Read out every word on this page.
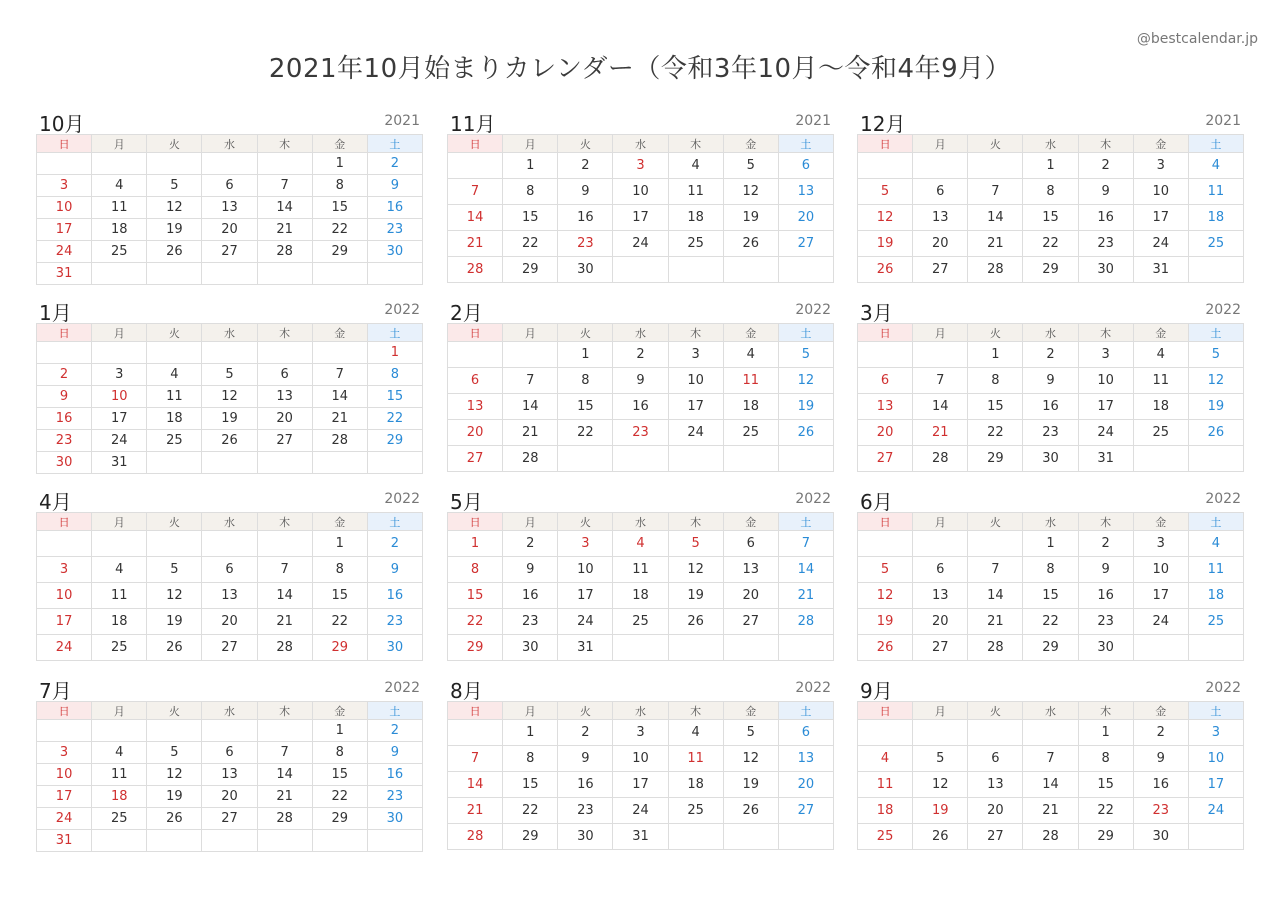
@bestcalendar.jp
2021年10月始まりカレンダー（令和3年10月〜令和4年9月）
10月	2021
日	月	火	水	木	金	土
					1	2
3	4	5	6	7	8	9
10	11	12	13	14	15	16
17	18	19	20	21	22	23
24	25	26	27	28	29	30
31						
11月	2021
日	月	火	水	木	金	土
	1	2	3	4	5	6
7	8	9	10	11	12	13
14	15	16	17	18	19	20
21	22	23	24	25	26	27
28	29	30				
12月	2021
日	月	火	水	木	金	土
			1	2	3	4
5	6	7	8	9	10	11
12	13	14	15	16	17	18
19	20	21	22	23	24	25
26	27	28	29	30	31	
1月	2022
日	月	火	水	木	金	土
						1
2	3	4	5	6	7	8
9	10	11	12	13	14	15
16	17	18	19	20	21	22
23	24	25	26	27	28	29
30	31					
2月	2022
日	月	火	水	木	金	土
		1	2	3	4	5
6	7	8	9	10	11	12
13	14	15	16	17	18	19
20	21	22	23	24	25	26
27	28					
3月	2022
日	月	火	水	木	金	土
		1	2	3	4	5
6	7	8	9	10	11	12
13	14	15	16	17	18	19
20	21	22	23	24	25	26
27	28	29	30	31		
4月	2022
日	月	火	水	木	金	土
					1	2
3	4	5	6	7	8	9
10	11	12	13	14	15	16
17	18	19	20	21	22	23
24	25	26	27	28	29	30
5月	2022
日	月	火	水	木	金	土
1	2	3	4	5	6	7
8	9	10	11	12	13	14
15	16	17	18	19	20	21
22	23	24	25	26	27	28
29	30	31				
6月	2022
日	月	火	水	木	金	土
			1	2	3	4
5	6	7	8	9	10	11
12	13	14	15	16	17	18
19	20	21	22	23	24	25
26	27	28	29	30		
7月	2022
日	月	火	水	木	金	土
					1	2
3	4	5	6	7	8	9
10	11	12	13	14	15	16
17	18	19	20	21	22	23
24	25	26	27	28	29	30
31						
8月	2022
日	月	火	水	木	金	土
	1	2	3	4	5	6
7	8	9	10	11	12	13
14	15	16	17	18	19	20
21	22	23	24	25	26	27
28	29	30	31			
9月	2022
日	月	火	水	木	金	土
				1	2	3
4	5	6	7	8	9	10
11	12	13	14	15	16	17
18	19	20	21	22	23	24
25	26	27	28	29	30	
